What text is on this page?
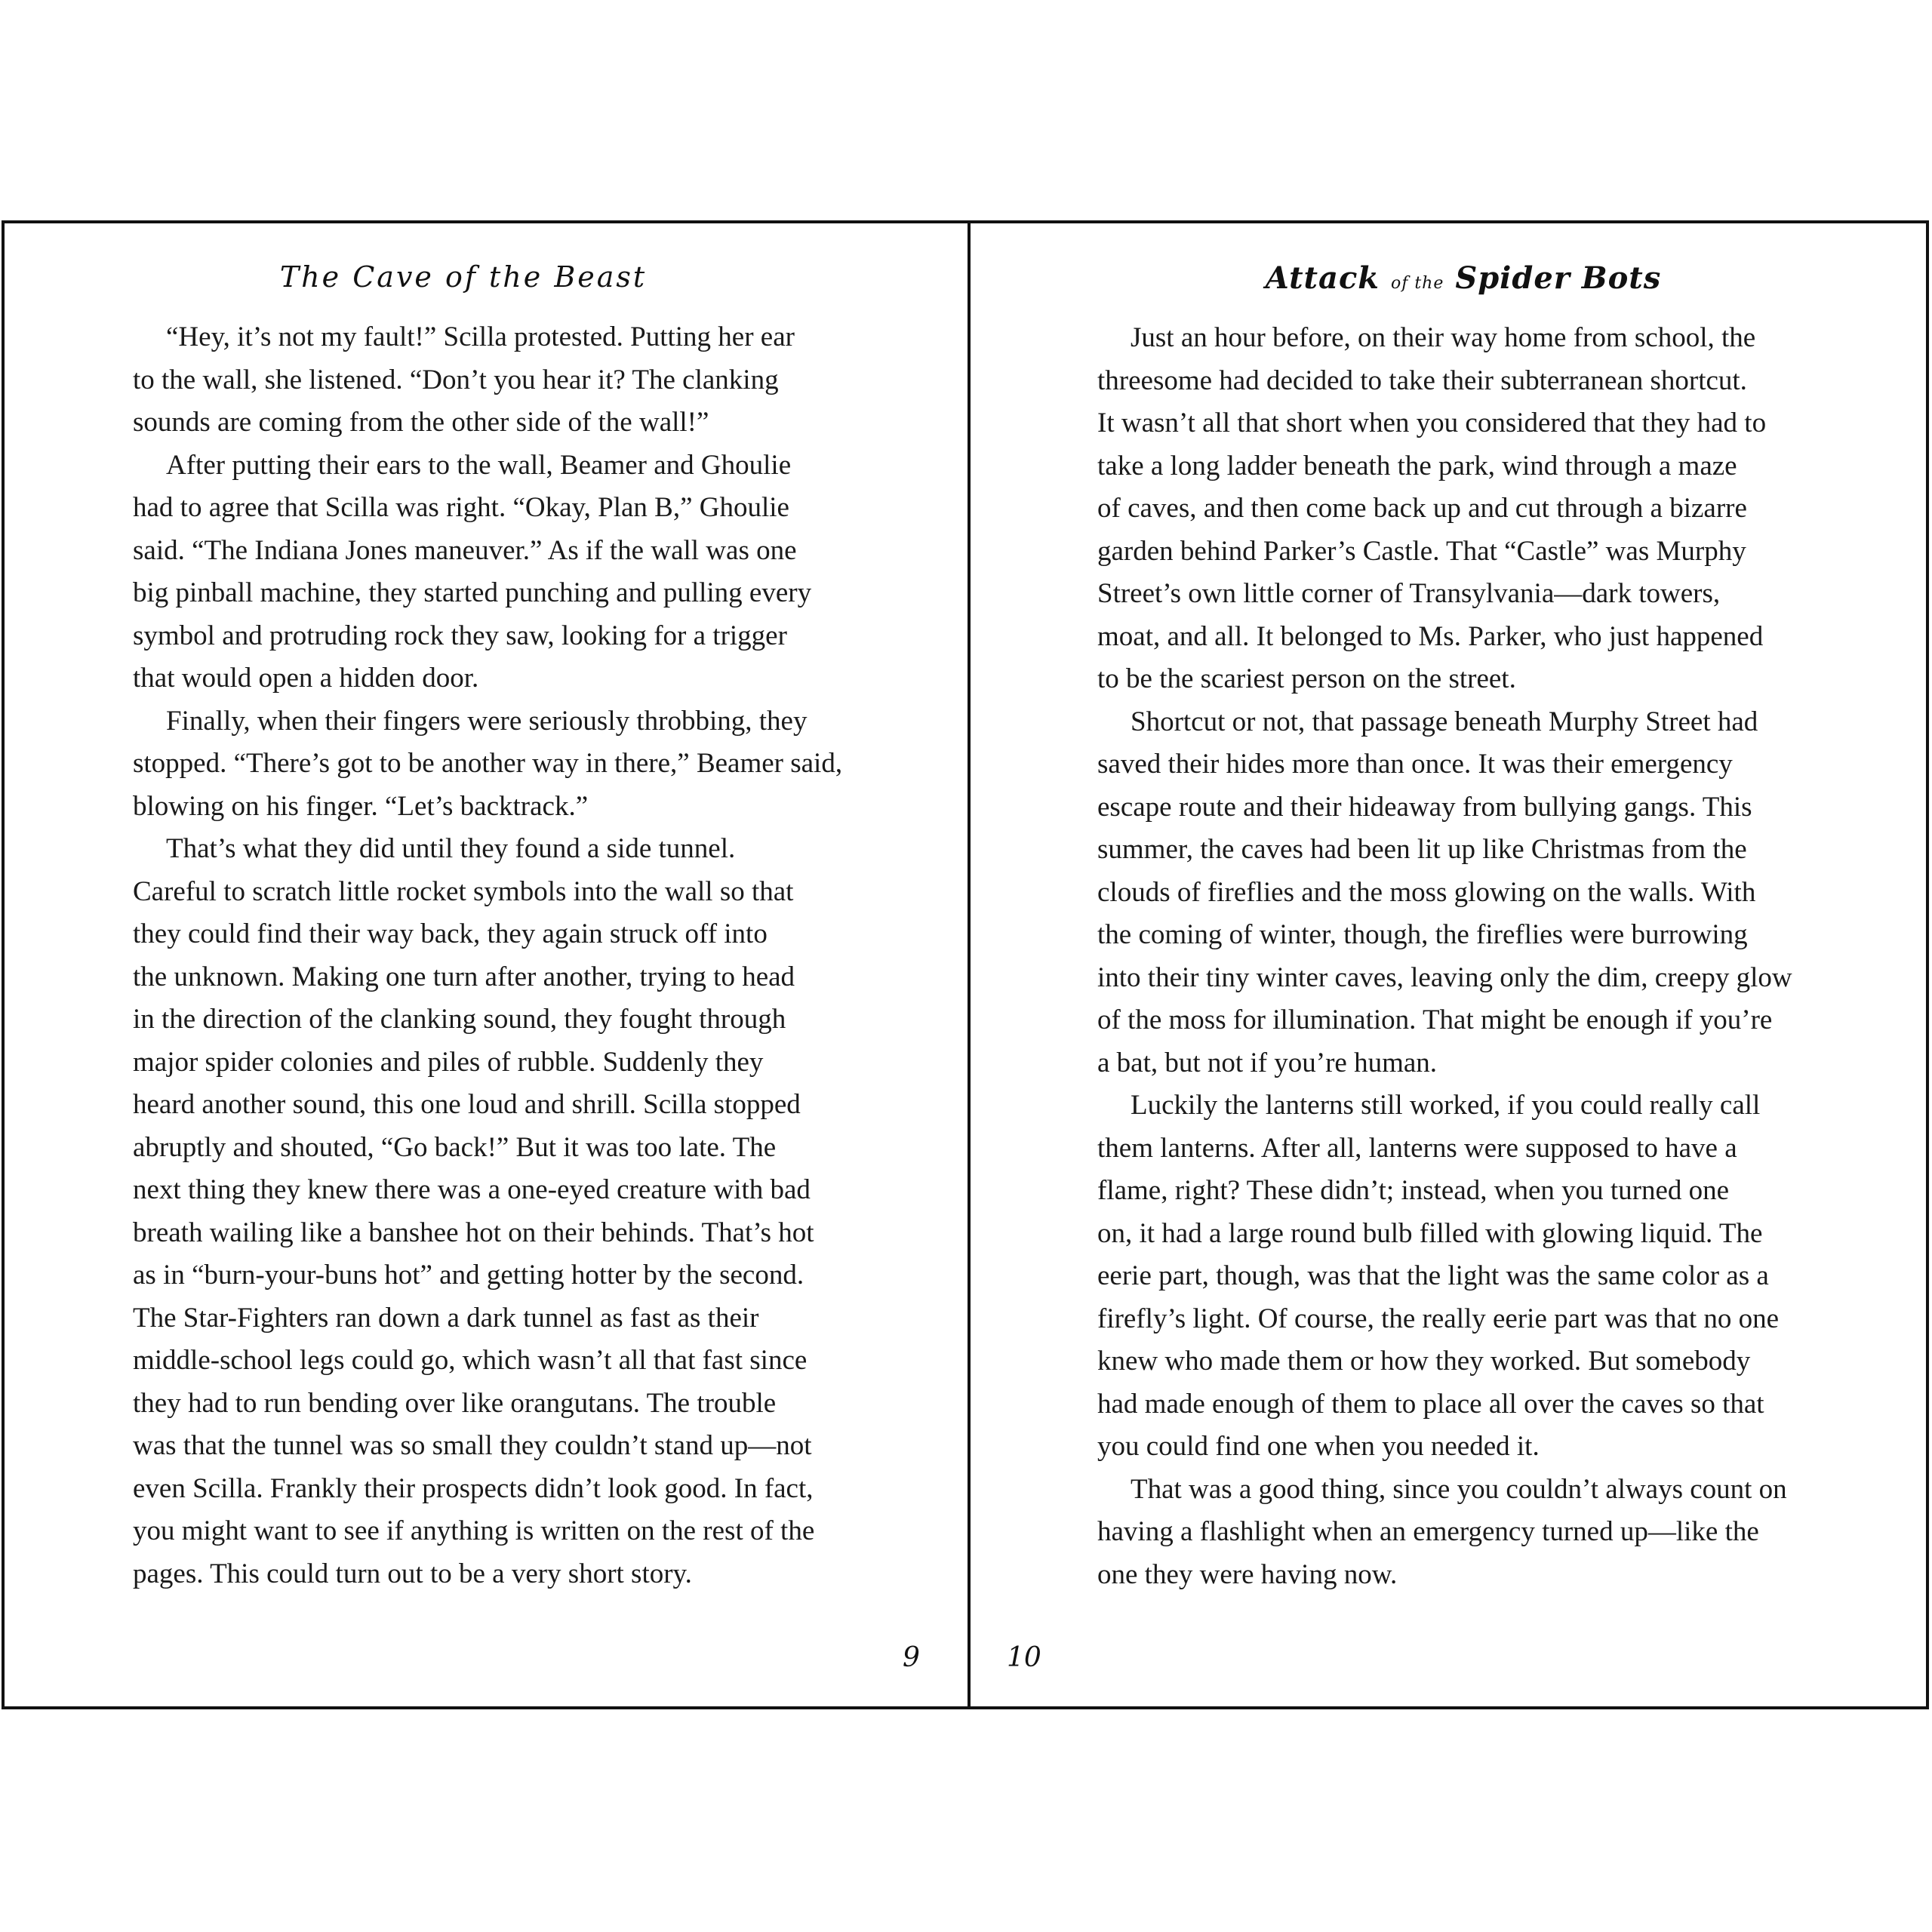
The Cave of the Beast
“Hey, it’s not my fault!” Scilla protested. Putting her ear
to the wall, she listened. “Don’t you hear it? The clanking
sounds are coming from the other side of the wall!”
After putting their ears to the wall, Beamer and Ghoulie
had to agree that Scilla was right. “Okay, Plan B,” Ghoulie
said. “The Indiana Jones maneuver.” As if the wall was one
big pinball machine, they started punching and pulling every
symbol and protruding rock they saw, looking for a trigger
that would open a hidden door.
Finally, when their fingers were seriously throbbing, they
stopped. “There’s got to be another way in there,” Beamer said,
blowing on his finger. “Let’s backtrack.”
That’s what they did until they found a side tunnel.
Careful to scratch little rocket symbols into the wall so that
they could find their way back, they again struck off into
the unknown. Making one turn after another, trying to head
in the direction of the clanking sound, they fought through
major spider colonies and piles of rubble. Suddenly they
heard another sound, this one loud and shrill. Scilla stopped
abruptly and shouted, “Go back!” But it was too late. The
next thing they knew there was a one-eyed creature with bad
breath wailing like a banshee hot on their behinds. That’s hot
as in “burn-your-buns hot” and getting hotter by the second.
The Star-Fighters ran down a dark tunnel as fast as their
middle-school legs could go, which wasn’t all that fast since
they had to run bending over like orangutans. The trouble
was that the tunnel was so small they couldn’t stand up—not
even Scilla. Frankly their prospects didn’t look good. In fact,
you might want to see if anything is written on the rest of the
pages. This could turn out to be a very short story.
9
Attack of the Spider Bots
Just an hour before, on their way home from school, the
threesome had decided to take their subterranean shortcut.
It wasn’t all that short when you considered that they had to
take a long ladder beneath the park, wind through a maze
of caves, and then come back up and cut through a bizarre
garden behind Parker’s Castle. That “Castle” was Murphy
Street’s own little corner of Transylvania—dark towers,
moat, and all. It belonged to Ms. Parker, who just happened
to be the scariest person on the street.
Shortcut or not, that passage beneath Murphy Street had
saved their hides more than once. It was their emergency
escape route and their hideaway from bullying gangs. This
summer, the caves had been lit up like Christmas from the
clouds of fireflies and the moss glowing on the walls. With
the coming of winter, though, the fireflies were burrowing
into their tiny winter caves, leaving only the dim, creepy glow
of the moss for illumination. That might be enough if you’re
a bat, but not if you’re human.
Luckily the lanterns still worked, if you could really call
them lanterns. After all, lanterns were supposed to have a
flame, right? These didn’t; instead, when you turned one
on, it had a large round bulb filled with glowing liquid. The
eerie part, though, was that the light was the same color as a
firefly’s light. Of course, the really eerie part was that no one
knew who made them or how they worked. But somebody
had made enough of them to place all over the caves so that
you could find one when you needed it.
That was a good thing, since you couldn’t always count on
having a flashlight when an emergency turned up—like the
one they were having now.
10
